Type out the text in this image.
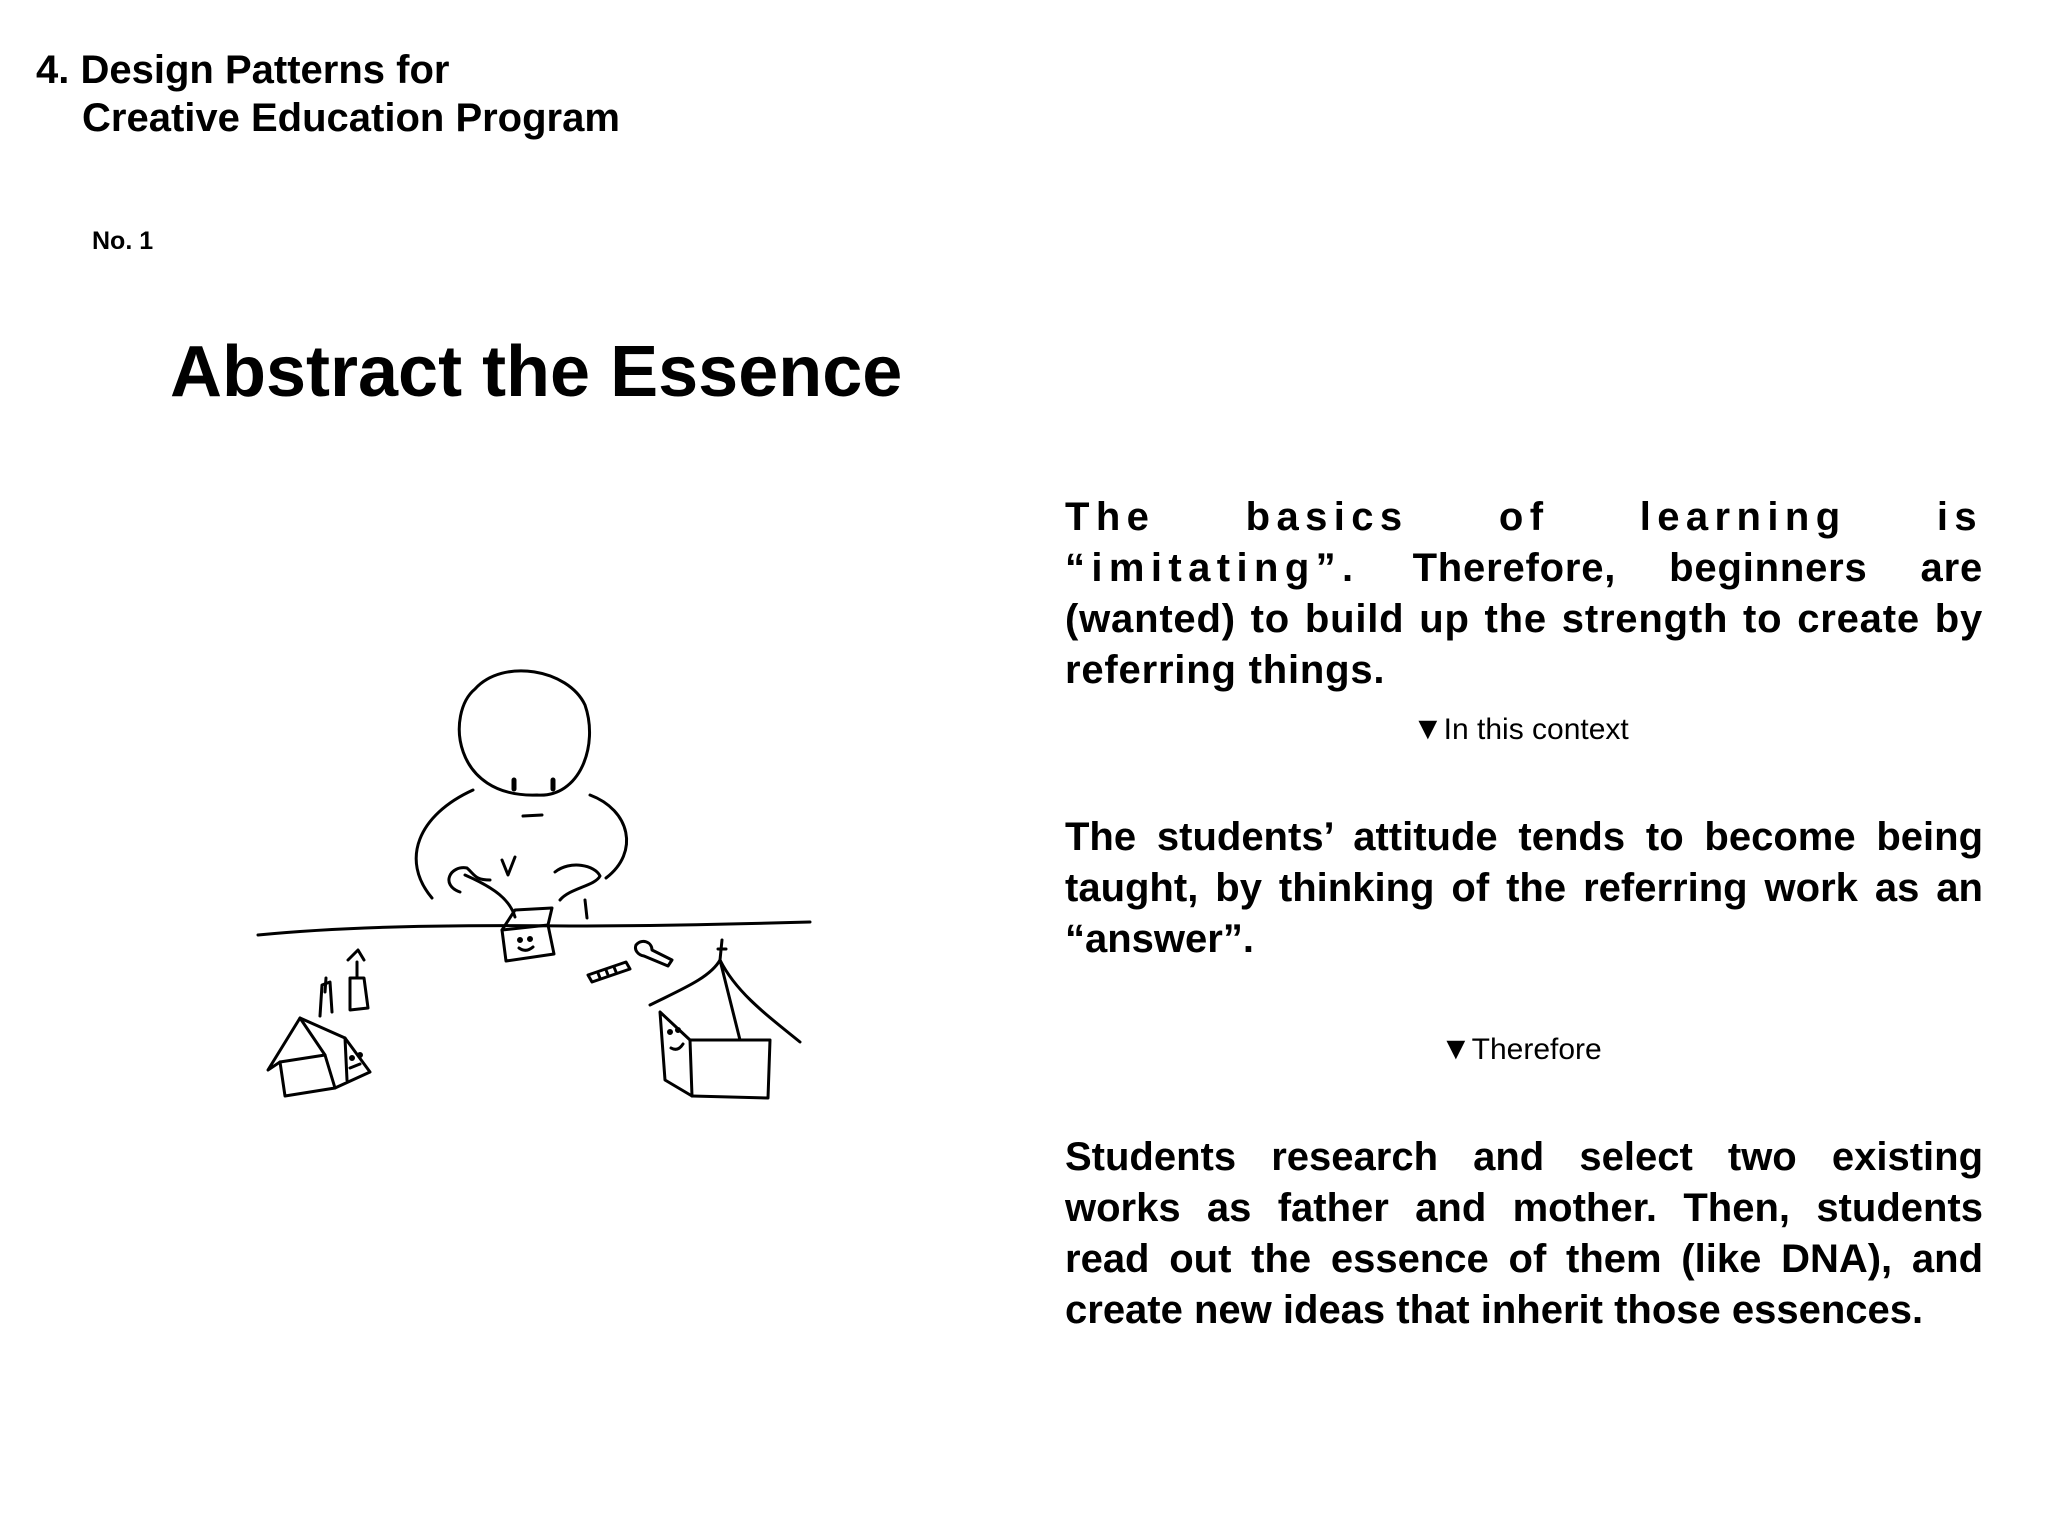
4. Design Patterns for
Creative Education Program
No. 1
Abstract the Essence

The basics of learning is “imitating”. Therefore, beginners are (wanted) to build up the strength to create by referring things.

▼In this context

The students’ attitude tends to become being taught, by thinking of the referring work as an “answer”.

▼Therefore

Students research and select two existing works as father and mother. Then, students read out the essence of them (like DNA), and create new ideas that inherit those essences.
